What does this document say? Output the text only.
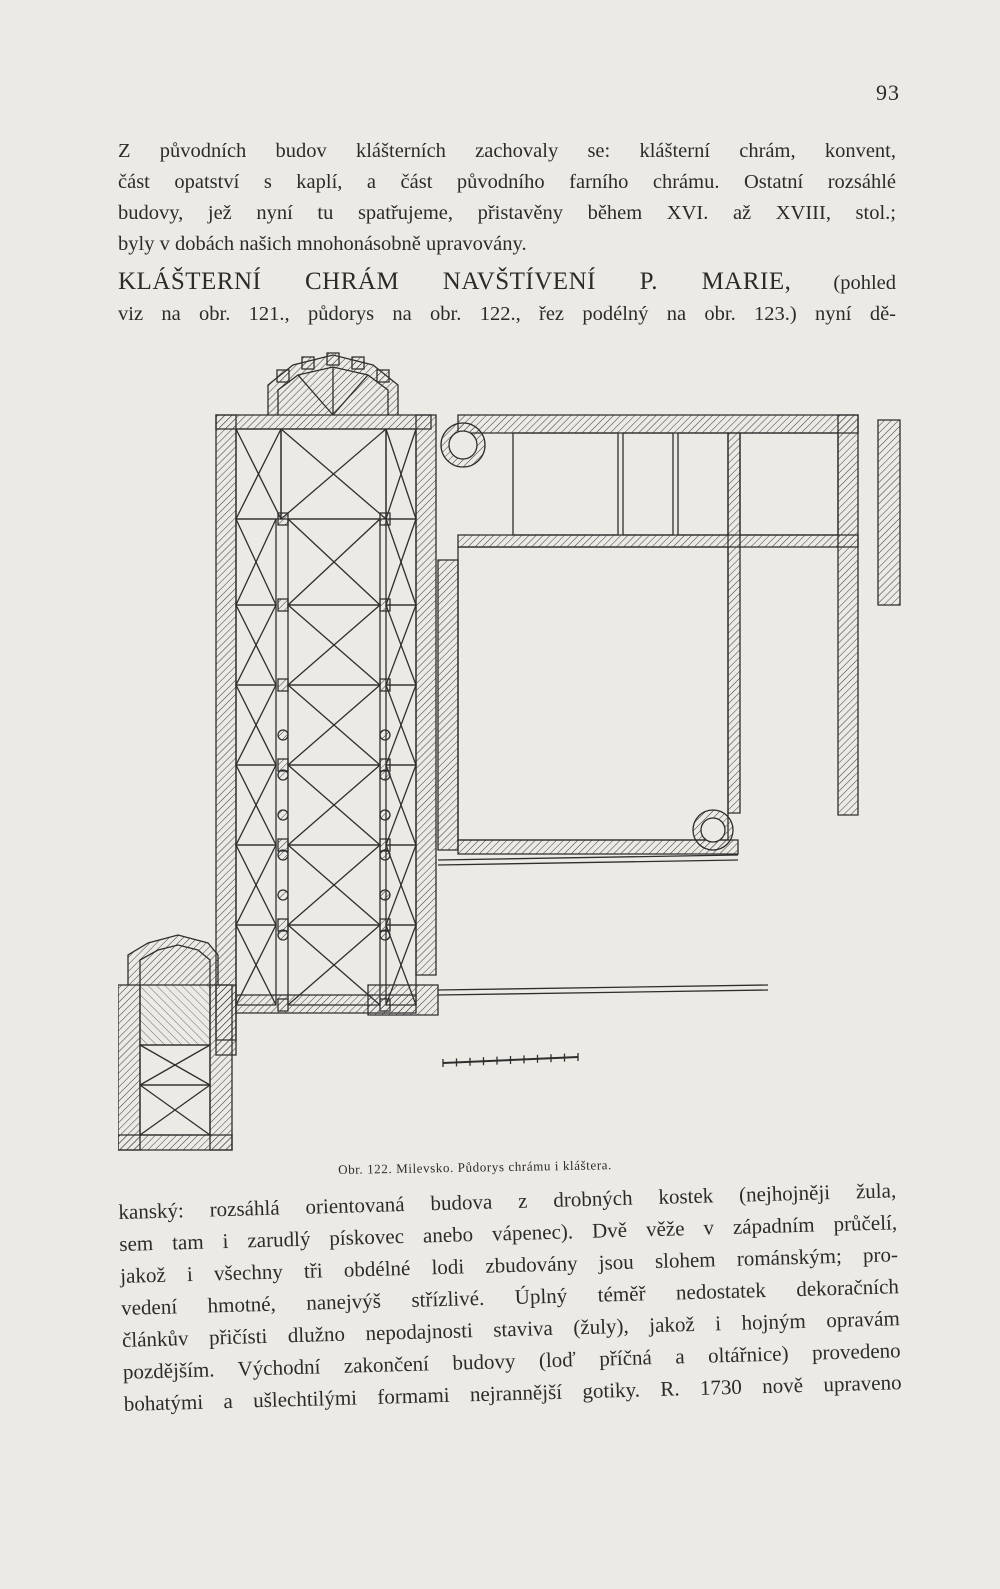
93
Z původních budov klášterních zachovaly se: klášterní chrám, konvent,
část opatství s kaplí, a část původního farního chrámu. Ostatní rozsáhlé
budovy, jež nyní tu spatřujeme, přistavěny během XVI. až XVIII, stol.;
byly v dobách našich mnohonásobně upravovány.
KLÁŠTERNÍ CHRÁM NAVŠTÍVENÍ P. MARIE, (pohled
viz na obr. 121., půdorys na obr. 122., řez podélný na obr. 123.) nyní dě-
Obr. 122. Milevsko. Půdorys chrámu i kláštera.
kanský: rozsáhlá orientovaná budova z drobných kostek (nejhojněji žula,
sem tam i zarudlý pískovec anebo vápenec). Dvě věže v západním průčelí,
jakož i všechny tři obdélné lodi zbudovány jsou slohem románským; pro-
vedení hmotné, nanejvýš střízlivé. Úplný téměř nedostatek dekoračních
článkův přičísti dlužno nepodajnosti staviva (žuly), jakož i hojným opravám
pozdějším. Východní zakončení budovy (loď příčná a oltářnice) provedeno
bohatými a ušlechtilými formami nejrannější gotiky. R. 1730 nově upraveno
